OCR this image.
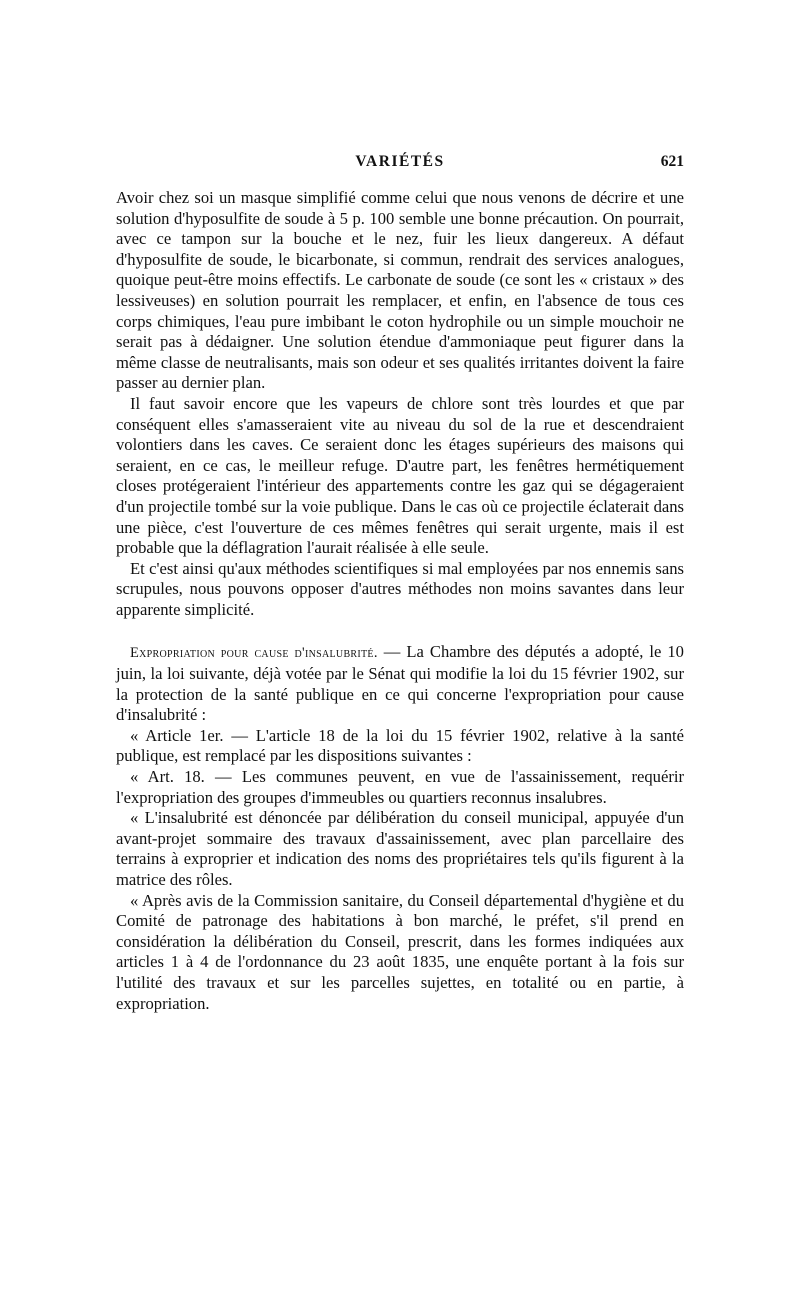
VARIÉTÉS	621

Avoir chez soi un masque simplifié comme celui que nous venons de décrire et une solution d'hyposulfite de soude à 5 p. 100 semble une bonne précaution. On pourrait, avec ce tampon sur la bouche et le nez, fuir les lieux dangereux. A défaut d'hyposulfite de soude, le bicarbonate, si commun, rendrait des services analogues, quoique peut-être moins effectifs. Le carbonate de soude (ce sont les « cristaux » des lessiveuses) en solution pourrait les remplacer, et enfin, en l'absence de tous ces corps chimiques, l'eau pure imbibant le coton hydrophile ou un simple mouchoir ne serait pas à dédaigner. Une solution étendue d'ammoniaque peut figurer dans la même classe de neutralisants, mais son odeur et ses qualités irritantes doivent la faire passer au dernier plan.

Il faut savoir encore que les vapeurs de chlore sont très lourdes et que par conséquent elles s'amasseraient vite au niveau du sol de la rue et descendraient volontiers dans les caves. Ce seraient donc les étages supérieurs des maisons qui seraient, en ce cas, le meilleur refuge. D'autre part, les fenêtres hermétiquement closes protégeraient l'intérieur des appartements contre les gaz qui se dégageraient d'un projectile tombé sur la voie publique. Dans le cas où ce projectile éclaterait dans une pièce, c'est l'ouverture de ces mêmes fenêtres qui serait urgente, mais il est probable que la déflagration l'aurait réalisée à elle seule.

Et c'est ainsi qu'aux méthodes scientifiques si mal employées par nos ennemis sans scrupules, nous pouvons opposer d'autres méthodes non moins savantes dans leur apparente simplicité.

Expropriation pour cause d'insalubrité. — La Chambre des députés a adopté, le 10 juin, la loi suivante, déjà votée par le Sénat qui modifie la loi du 15 février 1902, sur la protection de la santé publique en ce qui concerne l'expropriation pour cause d'insalubrité :

« Article 1er. — L'article 18 de la loi du 15 février 1902, relative à la santé publique, est remplacé par les dispositions suivantes :

« Art. 18. — Les communes peuvent, en vue de l'assainissement, requérir l'expropriation des groupes d'immeubles ou quartiers reconnus insalubres.

« L'insalubrité est dénoncée par délibération du conseil municipal, appuyée d'un avant-projet sommaire des travaux d'assainissement, avec plan parcellaire des terrains à exproprier et indication des noms des propriétaires tels qu'ils figurent à la matrice des rôles.

« Après avis de la Commission sanitaire, du Conseil départemental d'hygiène et du Comité de patronage des habitations à bon marché, le préfet, s'il prend en considération la délibération du Conseil, prescrit, dans les formes indiquées aux articles 1 à 4 de l'ordonnance du 23 août 1835, une enquête portant à la fois sur l'utilité des travaux et sur les parcelles sujettes, en totalité ou en partie, à expropriation.
